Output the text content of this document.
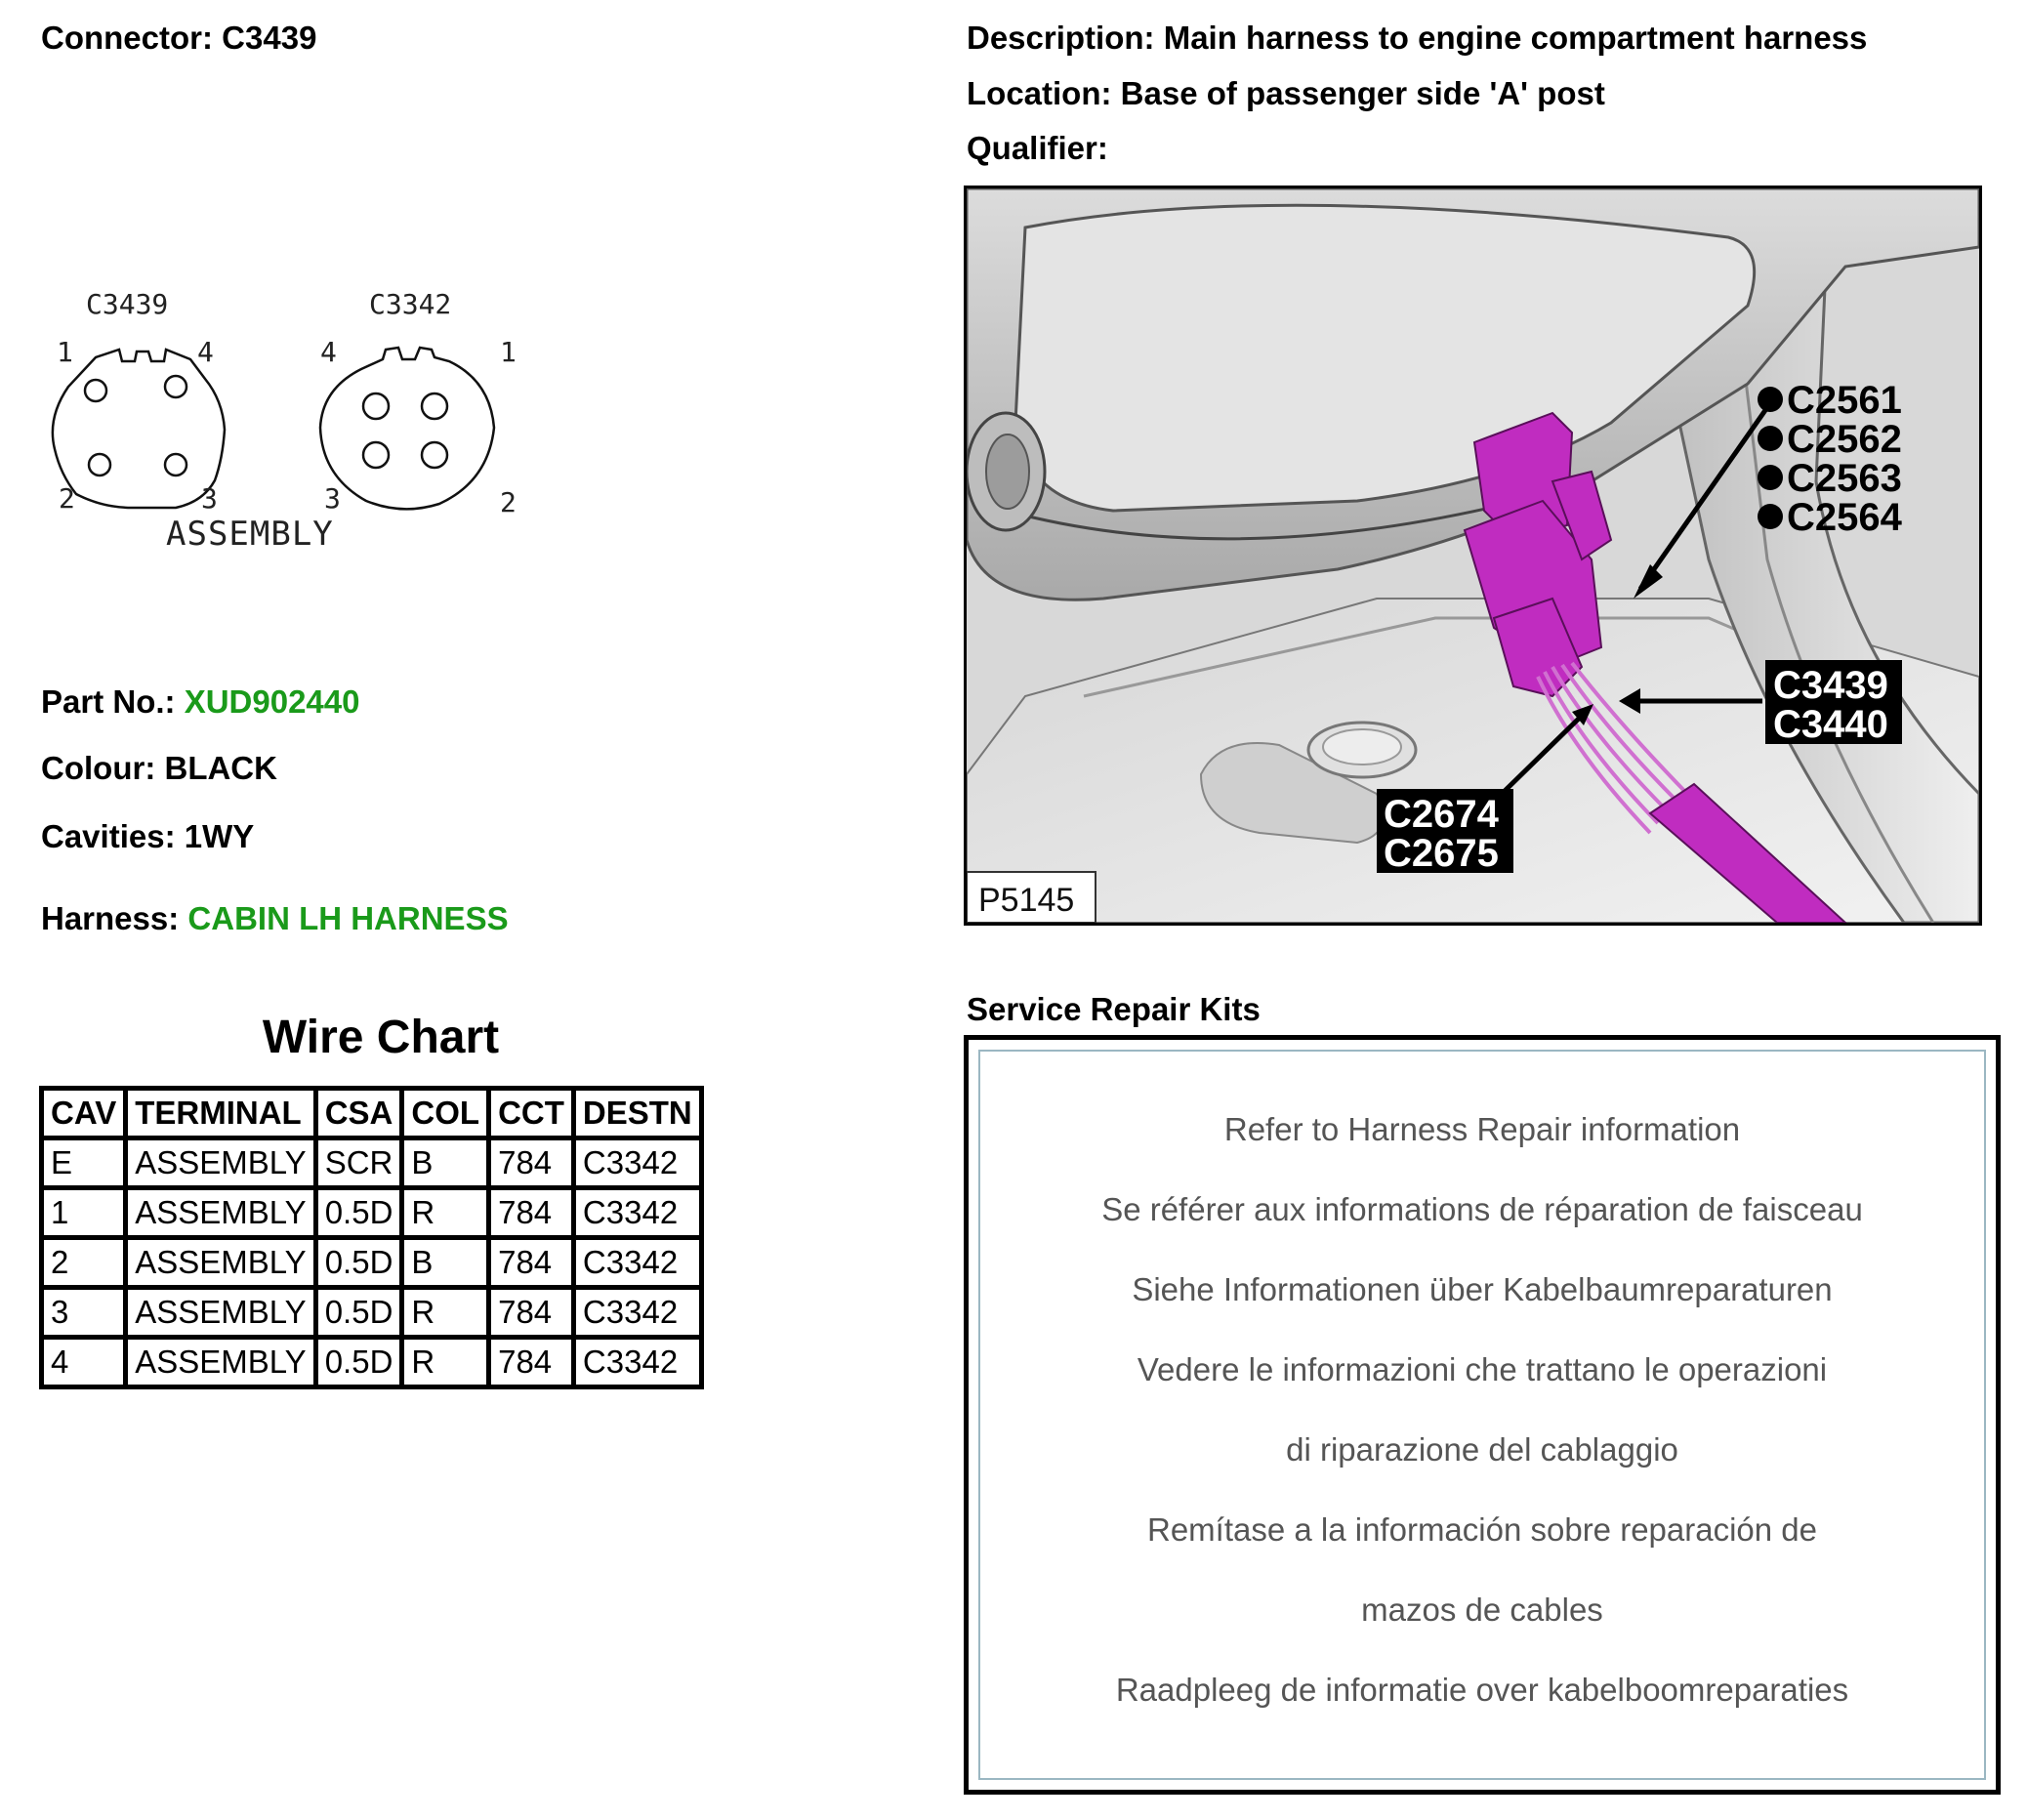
Connector: C3439	Description: Main harness to engine compartment harness
Location: Base of passenger side 'A' post
Qualifier:
C3439	C3342
1	4
2	3
4	1
3	2
ASSEMBLY
Part No.: XUD902440
Colour: BLACK
Cavities: 1WY
Harness: CABIN LH HARNESS
Wire Chart
CAV	TERMINAL	CSA	COL	CCT	DESTN
E	ASSEMBLY	SCR	B	784	C3342
1	ASSEMBLY	0.5D	R	784	C3342
2	ASSEMBLY	0.5D	B	784	C3342
3	ASSEMBLY	0.5D	R	784	C3342
4	ASSEMBLY	0.5D	R	784	C3342
C2561
C2562
C2563
C2564
C3439
C3440
C2674
C2675
P5145
Service Repair Kits
Refer to Harness Repair information
Se référer aux informations de réparation de faisceau
Siehe Informationen über Kabelbaumreparaturen
Vedere le informazioni che trattano le operazioni
di riparazione del cablaggio
Remítase a la información sobre reparación de
mazos de cables
Raadpleeg de informatie over kabelboomreparaties
